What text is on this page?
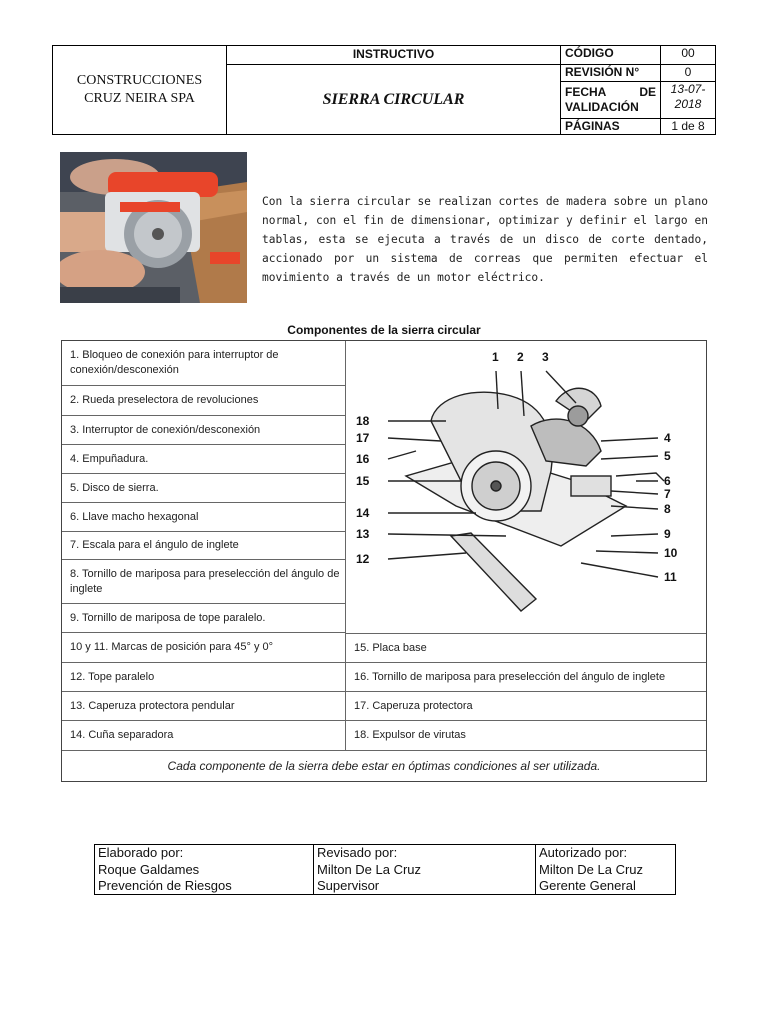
CONSTRUCCIONES
CRUZ NEIRA SPA
INSTRUCTIVO
SIERRA CIRCULAR
CÓDIGO	00
REVISIÓN N°	0
FECHA	DE
VALIDACIÓN
13-07-2018
PÁGINAS	1 de 8
Con la sierra circular se realizan cortes de madera sobre un plano normal, con el fin de dimensionar, optimizar y definir el largo en tablas, esta se ejecuta a través de un disco de corte dentado, accionado por un sistema de correas que permiten efectuar el movimiento a través de un motor eléctrico.
Componentes de la sierra circular
1. Bloqueo de conexión para interruptor de conexión/desconexión
2. Rueda preselectora de revoluciones
3. Interruptor de conexión/desconexión
4. Empuñadura.
5. Disco de sierra.
6. Llave macho hexagonal
7. Escala para el ángulo de inglete
8. Tornillo de mariposa para preselección del ángulo de inglete
9. Tornillo de mariposa de tope paralelo.
1 2 3
4
5
6
7
8
9
10
11
12
13
14
15
16
17
18
10 y 11. Marcas de posición para 45° y 0°	15. Placa base
12. Tope paralelo	16. Tornillo de mariposa para preselección del ángulo de inglete
13. Caperuza protectora pendular	17. Caperuza protectora
14. Cuña separadora	18. Expulsor de virutas
Cada componente de la sierra debe estar en óptimas condiciones al ser utilizada.
Elaborado por:
Roque Galdames
Prevención de Riesgos
Revisado por:
Milton De La Cruz
Supervisor
Autorizado por:
Milton De La Cruz
Gerente General
